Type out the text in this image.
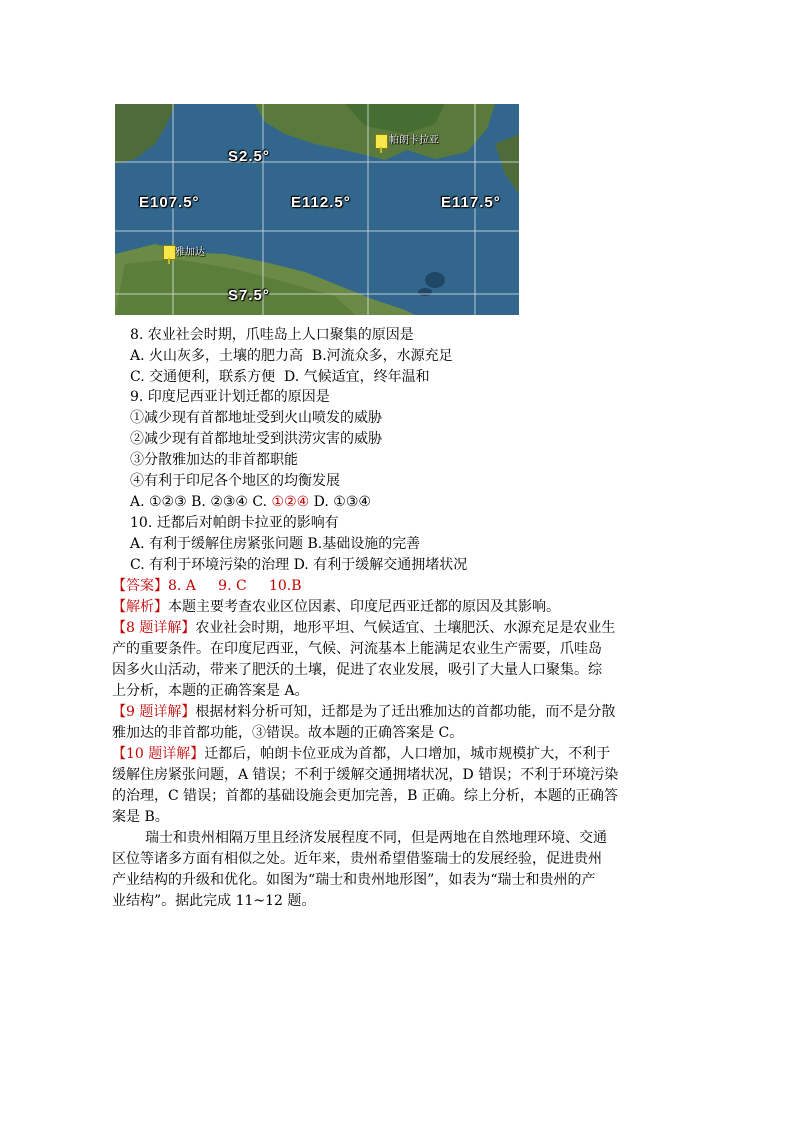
S2.5°
S7.5°
E107.5°	E112.5°	E117.5°
帕朗卡拉亚
雅加达
8. 农业社会时期，爪哇岛上人口聚集的原因是
A. 火山灰多，土壤的肥力高 B.河流众多，水源充足
C. 交通便利，联系方便 D. 气候适宜，终年温和
9. 印度尼西亚计划迁都的原因是
①减少现有首都地址受到火山喷发的威胁
②减少现有首都地址受到洪涝灾害的威胁
③分散雅加达的非首都职能
④有利于印尼各个地区的均衡发展
A. ①②③ B. ②③④ C. ①②④ D. ①③④
10. 迁都后对帕朗卡拉亚的影响有
A. 有利于缓解住房紧张问题 B.基础设施的完善
C. 有利于环境污染的治理 D. 有利于缓解交通拥堵状况
【答案】8. A     9. C     10.B
【解析】本题主要考查农业区位因素、印度尼西亚迁都的原因及其影响。
【8 题详解】农业社会时期，地形平坦、气候适宜、土壤肥沃、水源充足是农业生
产的重要条件。在印度尼西亚，气候、河流基本上能满足农业生产需要，爪哇岛
因多火山活动，带来了肥沃的土壤，促进了农业发展，吸引了大量人口聚集。综
上分析，本题的正确答案是 A。
【9 题详解】根据材料分析可知，迁都是为了迁出雅加达的首都功能，而不是分散
雅加达的非首都功能，③错误。故本题的正确答案是 C。
【10 题详解】迁都后，帕朗卡位亚成为首都，人口增加，城市规模扩大，不利于
缓解住房紧张问题，A 错误；不利于缓解交通拥堵状况，D 错误；不利于环境污染
的治理，C 错误；首都的基础设施会更加完善，B 正确。综上分析，本题的正确答
案是 B。
瑞士和贵州相隔万里且经济发展程度不同，但是两地在自然地理环境、交通
区位等诸多方面有相似之处。近年来，贵州希望借鉴瑞士的发展经验，促进贵州
产业结构的升级和优化。如图为“瑞士和贵州地形图”，如表为“瑞士和贵州的产
业结构”。据此完成 11~12 题。
